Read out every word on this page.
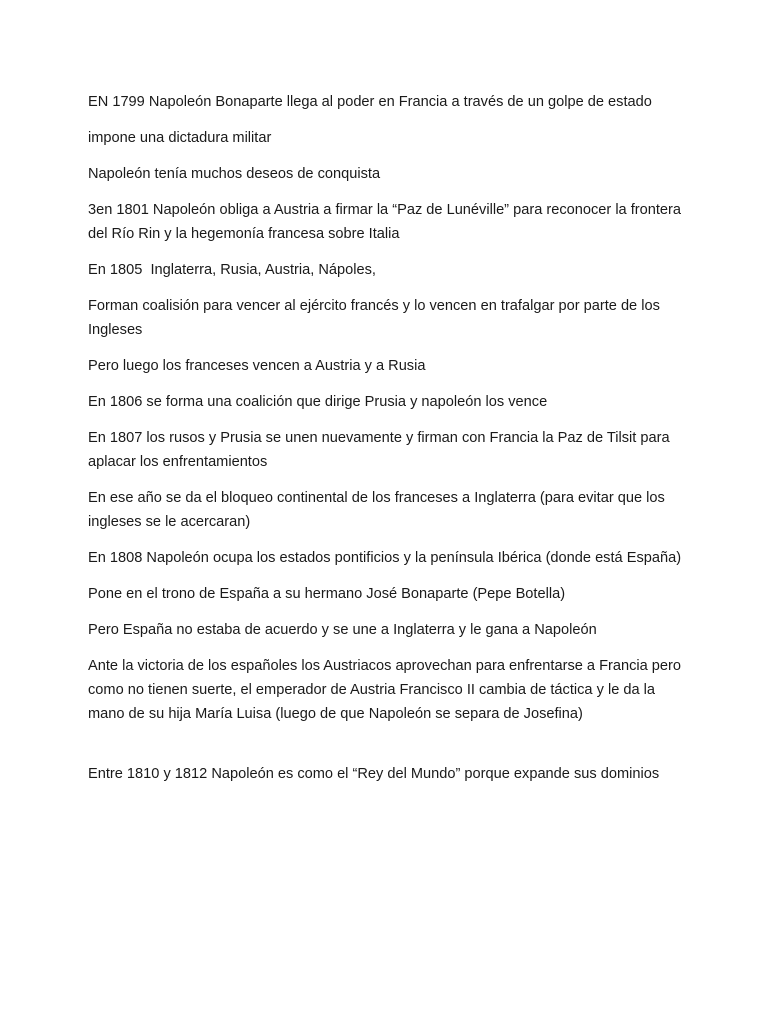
EN 1799 Napoleón Bonaparte llega al poder en Francia a través de un golpe de estado

impone una dictadura militar

Napoleón tenía muchos deseos de conquista

3en 1801 Napoleón obliga a Austria a firmar la “Paz de Lunéville” para reconocer la frontera del Río Rin y la hegemonía francesa sobre Italia

En 1805  Inglaterra, Rusia, Austria, Nápoles,

Forman coalisión para vencer al ejército francés y lo vencen en trafalgar por parte de los Ingleses

Pero luego los franceses vencen a Austria y a Rusia

En 1806 se forma una coalición que dirige Prusia y napoleón los vence

En 1807 los rusos y Prusia se unen nuevamente y firman con Francia la Paz de Tilsit para aplacar los enfrentamientos

En ese año se da el bloqueo continental de los franceses a Inglaterra (para evitar que los ingleses se le acercaran)

En 1808 Napoleón ocupa los estados pontificios y la península Ibérica (donde está España)

Pone en el trono de España a su hermano José Bonaparte (Pepe Botella)

Pero España no estaba de acuerdo y se une a Inglaterra y le gana a Napoleón

Ante la victoria de los españoles los Austriacos aprovechan para enfrentarse a Francia pero como no tienen suerte, el emperador de Austria Francisco II cambia de táctica y le da la mano de su hija María Luisa (luego de que Napoleón se separa de Josefina)

Entre 1810 y 1812 Napoleón es como el “Rey del Mundo” porque expande sus dominios
